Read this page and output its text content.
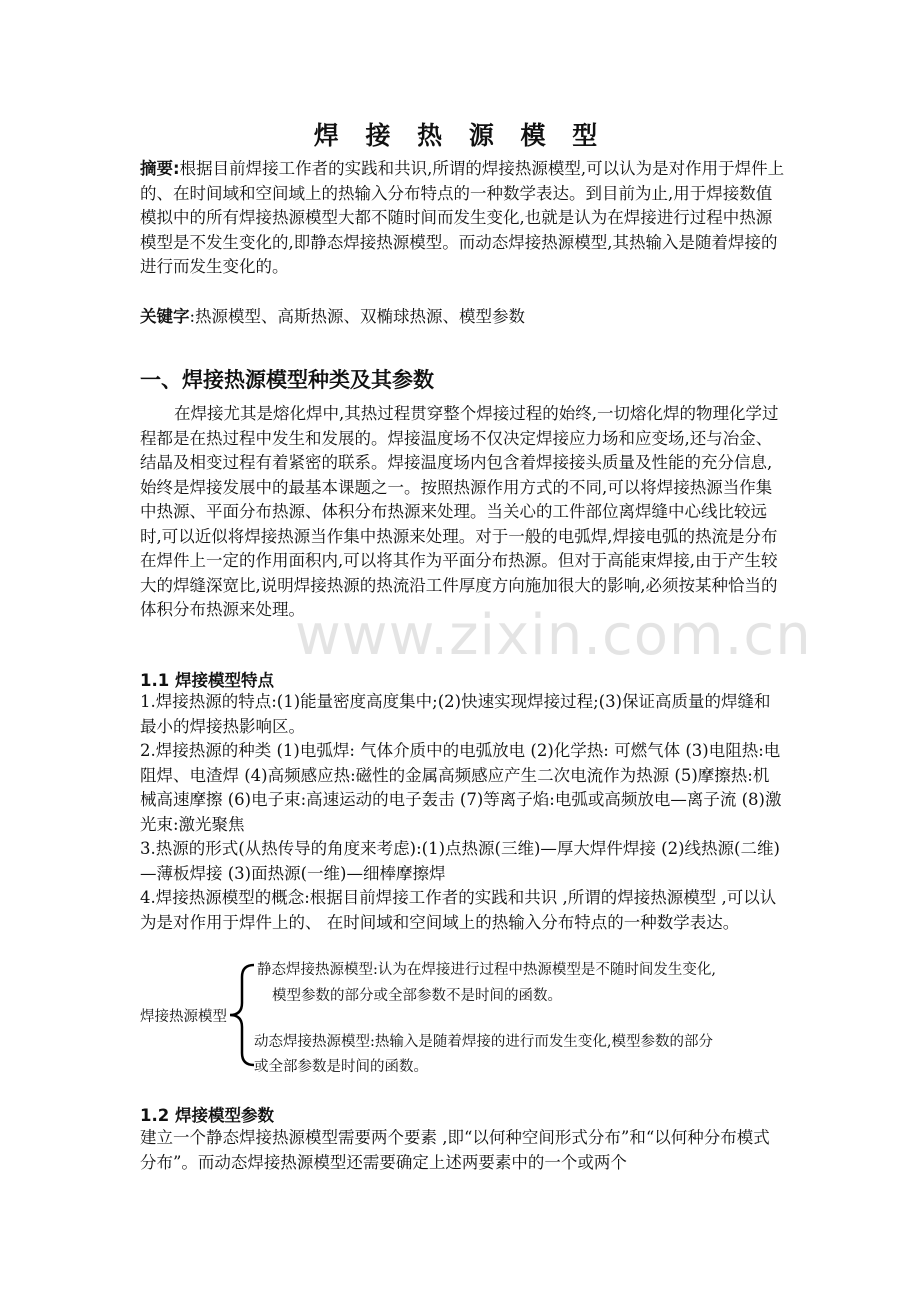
焊 接 热 源 模 型
摘要:根据目前焊接工作者的实践和共识,所谓的焊接热源模型,可以认为是对作用于焊件上的、在时间域和空间域上的热输入分布特点的一种数学表达。到目前为止,用于焊接数值模拟中的所有焊接热源模型大都不随时间而发生变化,也就是认为在焊接进行过程中热源模型是不发生变化的,即静态焊接热源模型。而动态焊接热源模型,其热输入是随着焊接的进行而发生变化的。
关键字:热源模型、高斯热源、双椭球热源、模型参数
一、焊接热源模型种类及其参数
在焊接尤其是熔化焊中,其热过程贯穿整个焊接过程的始终,一切熔化焊的物理化学过程都是在热过程中发生和发展的。焊接温度场不仅决定焊接应力场和应变场,还与冶金、结晶及相变过程有着紧密的联系。焊接温度场内包含着焊接接头质量及性能的充分信息, 始终是焊接发展中的最基本课题之一。按照热源作用方式的不同,可以将焊接热源当作集中热源、平面分布热源、体积分布热源来处理。当关心的工件部位离焊缝中心线比较远时,可以近似将焊接热源当作集中热源来处理。对于一般的电弧焊,焊接电弧的热流是分布在焊件上一定的作用面积内,可以将其作为平面分布热源。但对于高能束焊接,由于产生较大的焊缝深宽比,说明焊接热源的热流沿工件厚度方向施加很大的影响,必须按某种恰当的体积分布热源来处理。
www.zixin.com.cn
1.1 焊接模型特点

1.焊接热源的特点:(1)能量密度高度集中;(2)快速实现焊接过程;(3)保证高质量的焊缝和最小的焊接热影响区。

2.焊接热源的种类 (1)电弧焊: 气体介质中的电弧放电 (2)化学热: 可燃气体 (3)电阻热:电阻焊、电渣焊 (4)高频感应热:磁性的金属高频感应产生二次电流作为热源 (5)摩擦热:机械高速摩擦 (6)电子束:高速运动的电子轰击 (7)等离子焰:电弧或高频放电—离子流 (8)激光束:激光聚焦

3.热源的形式(从热传导的角度来考虑):(1)点热源(三维)—厚大焊件焊接 (2)线热源(二维)—薄板焊接 (3)面热源(一维)—细棒摩擦焊

4.焊接热源模型的概念:根据目前焊接工作者的实践和共识 ,所谓的焊接热源模型 ,可以认 为是对作用于焊件上的、 在时间域和空间域上的热输入分布特点的一种数学表达。

焊接热源模型
静态焊接热源模型:认为在焊接进行过程中热源模型是不随时间发生变化,
模型参数的部分或全部参数不是时间的函数。
动态焊接热源模型:热输入是随着焊接的进行而发生变化,模型参数的部分
或全部参数是时间的函数。
1.2 焊接模型参数
建立一个静态焊接热源模型需要两个要素 ,即“以何种空间形式分布”和“以何种分布模式分布”。而动态焊接热源模型还需要确定上述两要素中的一个或两个
